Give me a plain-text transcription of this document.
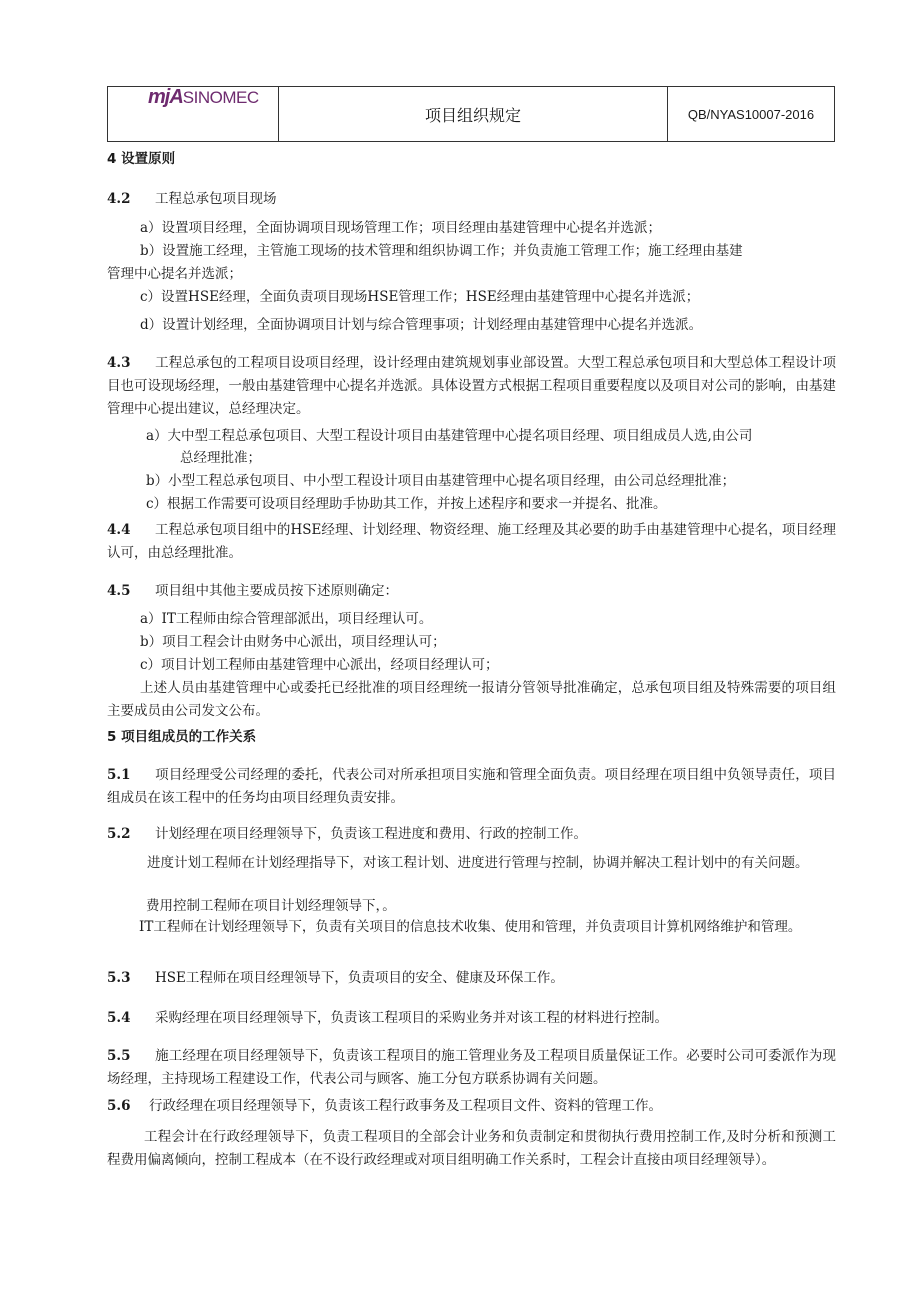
mjASINOMEC
项目组织规定	QB/NYAS10007-2016

4 设置原则

4.2 工程总承包项目现场

a）设置项目经理，全面协调项目现场管理工作；项目经理由基建管理中心提名并选派；

b）设置施工经理，主管施工现场的技术管理和组织协调工作；并负责施工管理工作；施工经理由基建

管理中心提名并选派；

c）设置HSE经理，全面负责项目现场HSE管理工作；HSE经理由基建管理中心提名并选派；

d）设置计划经理，全面协调项目计划与综合管理事项；计划经理由基建管理中心提名并选派。

4.3 工程总承包的工程项目设项目经理，设计经理由建筑规划事业部设置。大型工程总承包项目和大型总体工程设计项目也可设现场经理，一般由基建管理中心提名并选派。具体设置方式根据工程项目重要程度以及项目对公司的影响，由基建管理中心提出建议，总经理决定。

a）大中型工程总承包项目、大型工程设计项目由基建管理中心提名项目经理、项目组成员人选,由公司

总经理批准；

b）小型工程总承包项目、中小型工程设计项目由基建管理中心提名项目经理，由公司总经理批准；

c）根据工作需要可设项目经理助手协助其工作，并按上述程序和要求一并提名、批准。

4.4 工程总承包项目组中的HSE经理、计划经理、物资经理、施工经理及其必要的助手由基建管理中心提名，项目经理认可，由总经理批准。

4.5 项目组中其他主要成员按下述原则确定：

a）IT工程师由综合管理部派出，项目经理认可。

b）项目工程会计由财务中心派出，项目经理认可；

c）项目计划工程师由基建管理中心派出，经项目经理认可；

上述人员由基建管理中心或委托已经批准的项目经理统一报请分管领导批准确定，总承包项目组及特殊需要的项目组主要成员由公司发文公布。

5 项目组成员的工作关系

5.1 项目经理受公司经理的委托，代表公司对所承担项目实施和管理全面负责。项目经理在项目组中负领导责任，项目组成员在该工程中的任务均由项目经理负责安排。

5.2 计划经理在项目经理领导下，负责该工程进度和费用、行政的控制工作。

进度计划工程师在计划经理指导下，对该工程计划、进度进行管理与控制，协调并解决工程计划中的有关问题。

费用控制工程师在项目计划经理领导下，。

IT工程师在计划经理领导下，负责有关项目的信息技术收集、使用和管理，并负责项目计算机网络维护和管理。

5.3 HSE工程师在项目经理领导下，负责项目的安全、健康及环保工作。

5.4 采购经理在项目经理领导下，负责该工程项目的采购业务并对该工程的材料进行控制。

5.5 施工经理在项目经理领导下，负责该工程项目的施工管理业务及工程项目质量保证工作。必要时公司可委派作为现场经理，主持现场工程建设工作，代表公司与顾客、施工分包方联系协调有关问题。

5.6 行政经理在项目经理领导下，负责该工程行政事务及工程项目文件、资料的管理工作。

工程会计在行政经理领导下，负责工程项目的全部会计业务和负责制定和贯彻执行费用控制工作,及时分析和预测工程费用偏离倾向，控制工程成本（在不设行政经理或对项目组明确工作关系时，工程会计直接由项目经理领导）。
